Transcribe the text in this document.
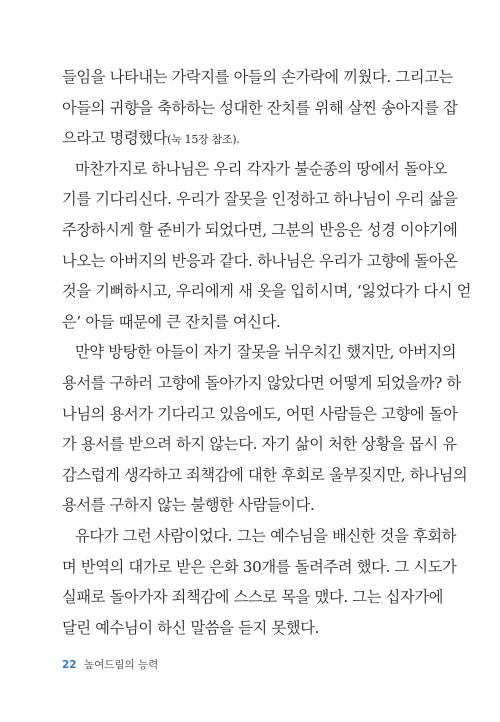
들임을 나타내는 가락지를 아들의 손가락에 끼웠다. 그리고는
아들의 귀향을 축하하는 성대한 잔치를 위해 살찐 송아지를 잡
으라고 명령했다(눅 15장 참조).
마찬가지로 하나님은 우리 각자가 불순종의 땅에서 돌아오
기를 기다리신다. 우리가 잘못을 인정하고 하나님이 우리 삶을
주장하시게 할 준비가 되었다면, 그분의 반응은 성경 이야기에
나오는 아버지의 반응과 같다. 하나님은 우리가 고향에 돌아온
것을 기뻐하시고, 우리에게 새 옷을 입히시며, ‘잃었다가 다시 얻
은’ 아들 때문에 큰 잔치를 여신다.
만약 방탕한 아들이 자기 잘못을 뉘우치긴 했지만, 아버지의
용서를 구하러 고향에 돌아가지 않았다면 어떻게 되었을까? 하
나님의 용서가 기다리고 있음에도, 어떤 사람들은 고향에 돌아
가 용서를 받으려 하지 않는다. 자기 삶이 처한 상황을 몹시 유
감스럽게 생각하고 죄책감에 대한 후회로 울부짖지만, 하나님의
용서를 구하지 않는 불행한 사람들이다.
유다가 그런 사람이었다. 그는 예수님을 배신한 것을 후회하
며 반역의 대가로 받은 은화 30개를 돌려주려 했다. 그 시도가
실패로 돌아가자 죄책감에 스스로 목을 맸다. 그는 십자가에
달린 예수님이 하신 말씀을 듣지 못했다.
22 높여드림의 능력
